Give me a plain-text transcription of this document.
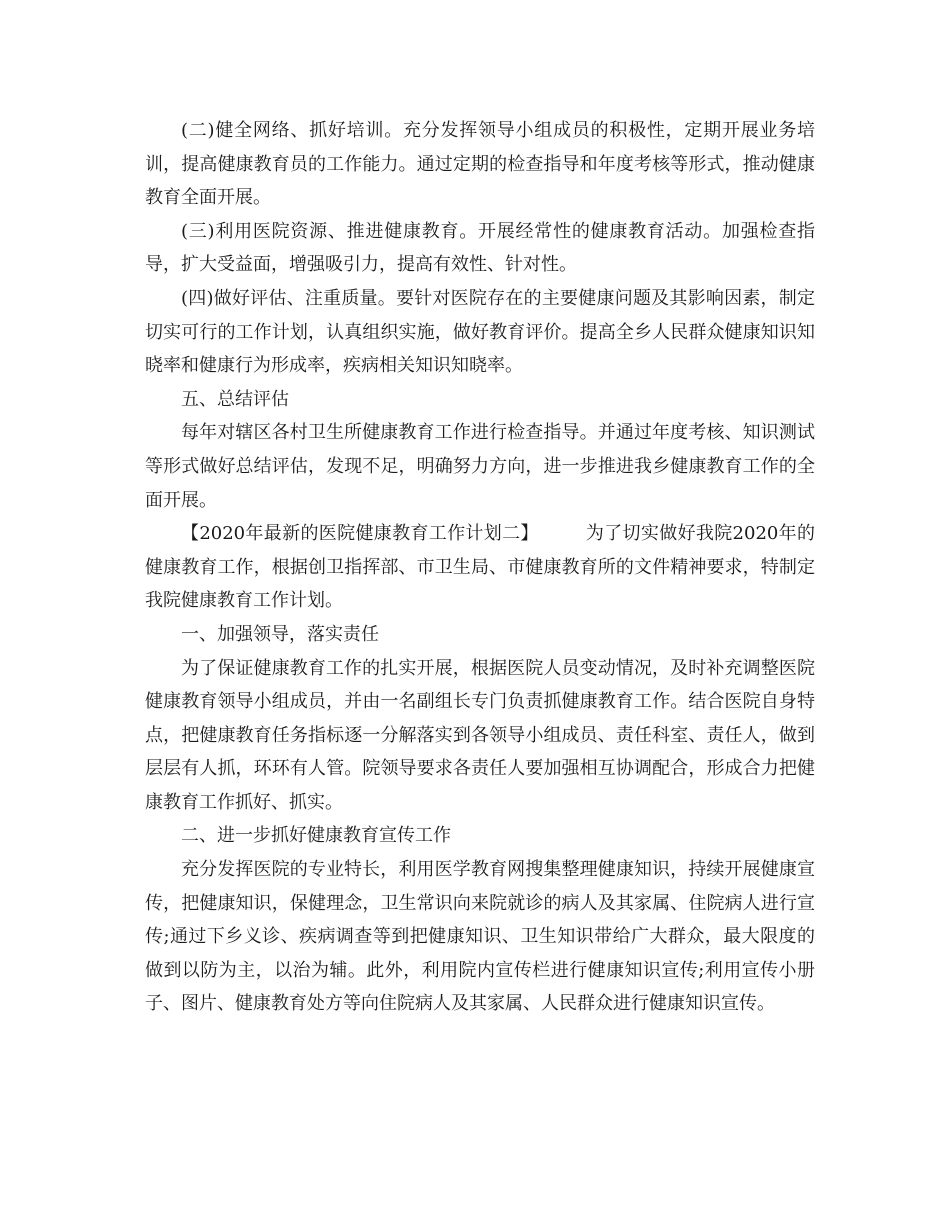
(二)健全网络、抓好培训。充分发挥领导小组成员的积极性，定期开展业务培训，提高健康教育员的工作能力。通过定期的检查指导和年度考核等形式，推动健康教育全面开展。

(三)利用医院资源、推进健康教育。开展经常性的健康教育活动。加强检查指导，扩大受益面，增强吸引力，提高有效性、针对性。

(四)做好评估、注重质量。要针对医院存在的主要健康问题及其影响因素，制定切实可行的工作计划，认真组织实施，做好教育评价。提高全乡人民群众健康知识知晓率和健康行为形成率，疾病相关知识知晓率。

五、总结评估

每年对辖区各村卫生所健康教育工作进行检查指导。并通过年度考核、知识测试等形式做好总结评估，发现不足，明确努力方向，进一步推进我乡健康教育工作的全面开展。

【2020年最新的医院健康教育工作计划二】	为了切实做好我院2020年的健康教育工作，根据创卫指挥部、市卫生局、市健康教育所的文件精神要求，特制定我院健康教育工作计划。

一、加强领导，落实责任

为了保证健康教育工作的扎实开展，根据医院人员变动情况，及时补充调整医院健康教育领导小组成员，并由一名副组长专门负责抓健康教育工作。结合医院自身特点，把健康教育任务指标逐一分解落实到各领导小组成员、责任科室、责任人，做到层层有人抓，环环有人管。院领导要求各责任人要加强相互协调配合，形成合力把健康教育工作抓好、抓实。

二、进一步抓好健康教育宣传工作

充分发挥医院的专业特长，利用医学教育网搜集整理健康知识，持续开展健康宣传，把健康知识，保健理念，卫生常识向来院就诊的病人及其家属、住院病人进行宣传;通过下乡义诊、疾病调查等到把健康知识、卫生知识带给广大群众，最大限度的做到以防为主，以治为辅。此外，利用院内宣传栏进行健康知识宣传;利用宣传小册子、图片、健康教育处方等向住院病人及其家属、人民群众进行健康知识宣传。
